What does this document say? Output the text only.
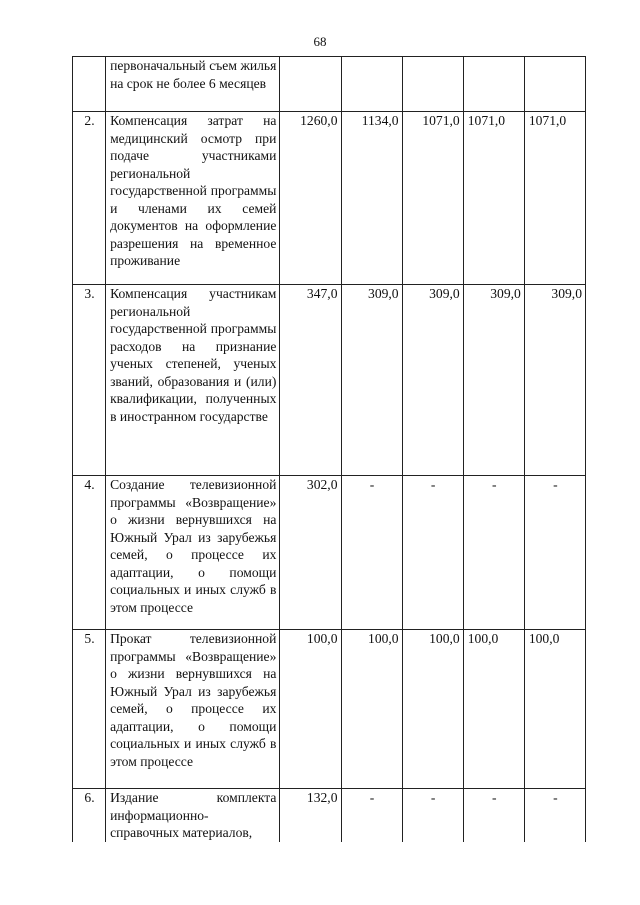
68
	первоначальный съем жилья на срок не более 6 месяцев					
2.	Компенсация затрат на медицинский осмотр при подаче участниками региональной государственной программы и членами их семей документов на оформление разрешения на временное проживание	1260,0	1134,0	1071,0	1071,0	1071,0
3.	Компенсация участникам региональной государственной программы расходов на признание ученых степеней, ученых званий, образования и (или) квалификации, полученных в иностранном государстве	347,0	309,0	309,0	309,0	309,0
4.	Создание телевизионной программы «Возвращение» о жизни вернувшихся на Южный Урал из зарубежья семей, о процессе их адаптации, о помощи социальных и иных служб в этом процессе	302,0	-	-	-	-
5.	Прокат телевизионной программы «Возвращение» о жизни вернувшихся на Южный Урал из зарубежья семей, о процессе их адаптации, о помощи социальных и иных служб в этом процессе	100,0	100,0	100,0	100,0	100,0
6.	Издание комплекта информационно-справочных материалов,	132,0	-	-	-	-
